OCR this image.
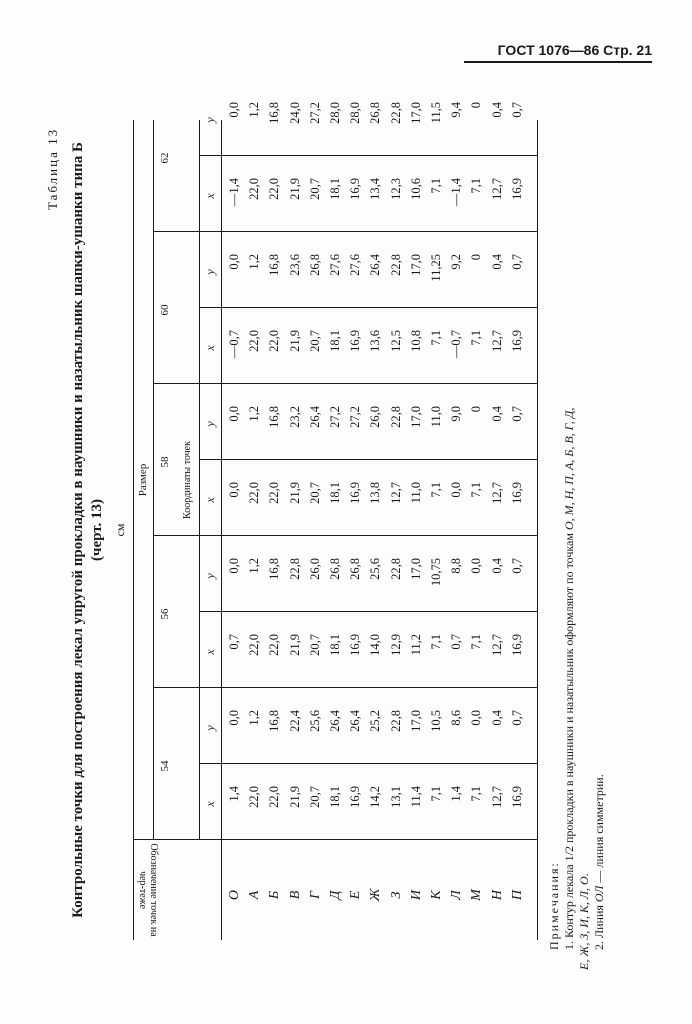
ГОСТ 1076—86 Стр. 21
Таблица 13 Контрольные точки для построения лекал упругой прокладки в наушники и назатыльник шапки-ушанки типа Б (черт. 13) см
Обозначение точек на чер-теже
Размер	Координаты точек
54
x
y
56
x
y
58
x
y
60
x
y
62
x
y
О
1,4
0,0
0,7
0,0
0,0
0,0
—0,7
0,0
—1,4
0,0
А
22,0
1,2
22,0
1,2
22,0
1,2
22,0
1,2
22,0
1,2
Б
22,0
16,8
22,0
16,8
22,0
16,8
22,0
16,8
22,0
16,8
В
21,9
22,4
21,9
22,8
21,9
23,2
21,9
23,6
21,9
24,0
Г
20,7
25,6
20,7
26,0
20,7
26,4
20,7
26,8
20,7
27,2
Д
18,1
26,4
18,1
26,8
18,1
27,2
18,1
27,6
18,1
28,0
Е
16,9
26,4
16,9
26,8
16,9
27,2
16,9
27,6
16,9
28,0
Ж
14,2
25,2
14,0
25,6
13,8
26,0
13,6
26,4
13,4
26,8
З
13,1
22,8
12,9
22,8
12,7
22,8
12,5
22,8
12,3
22,8
И
11,4
17,0
11,2
17,0
11,0
17,0
10,8
17,0
10,6
17,0
К
7,1
10,5
7,1
10,75
7,1
11,0
7,1
11,25
7,1
11,5
Л
1,4
8,6
0,7
8,8
0,0
9,0
—0,7
9,2
—1,4
9,4
М
7,1
0,0
7,1
0,0
7,1
0
7,1
0
7,1
0
Н
12,7
0,4
12,7
0,4
12,7
0,4
12,7
0,4
12,7
0,4
П
16,9
0,7
16,9
0,7
16,9
0,7
16,9
0,7
16,9
0,7
Примечания: 1. Контур лекала 1/2 прокладки в наушники и назатыльник оформляют по точкам О, М, Н, П, А, Б, В, Г, Д,
Е, Ж, З, И, К, Л, О. 2. Линия ОЛ — линия симметрии.
